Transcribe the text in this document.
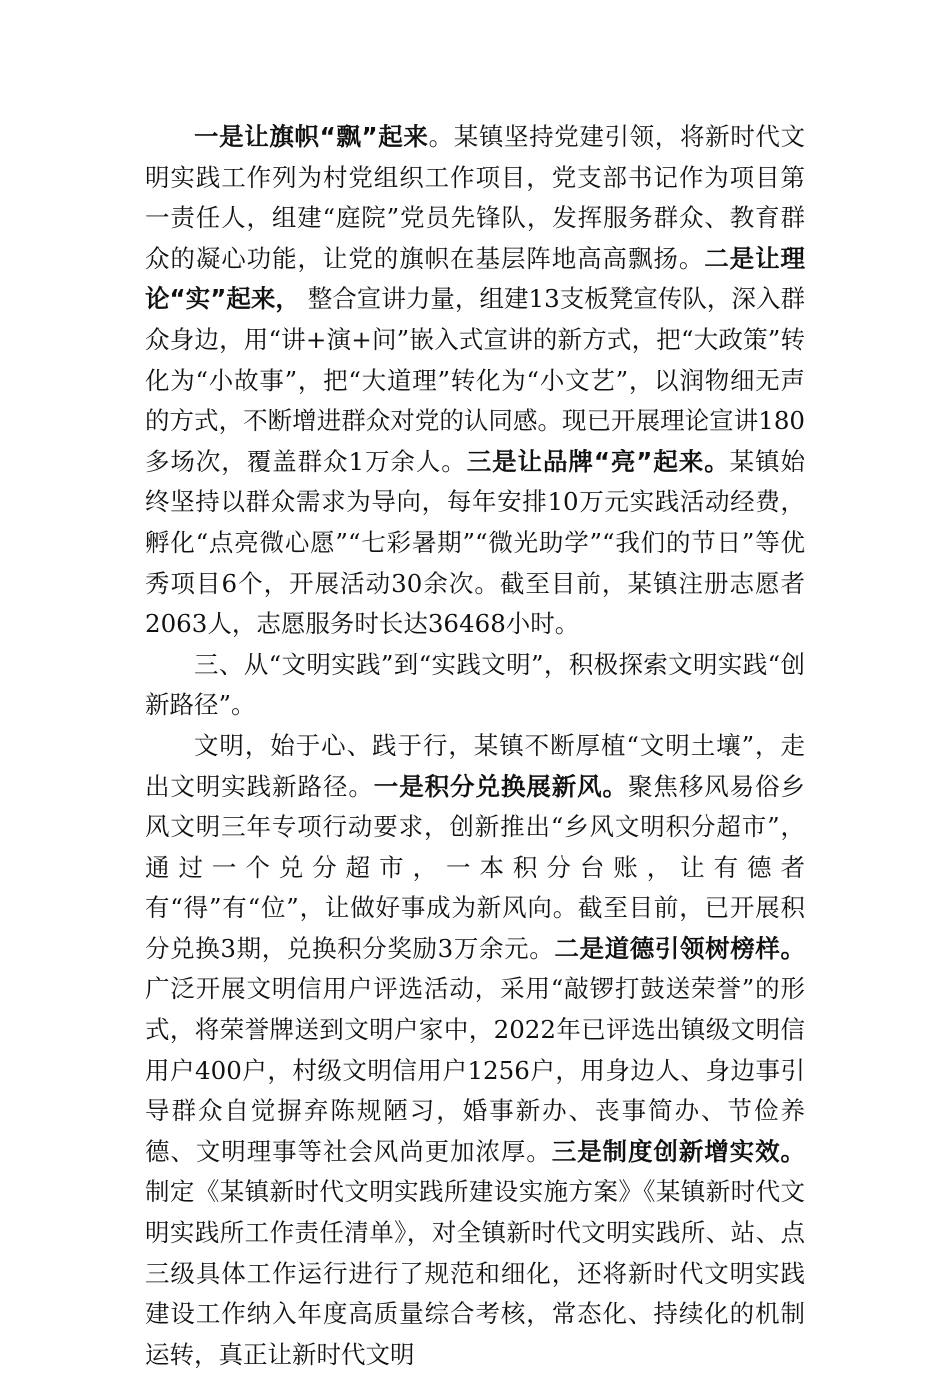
一是让旗帜“飘”起来。某镇坚持党建引领，将新时代文明实践工作列为村党组织工作项目，党支部书记作为项目第一责任人，组建“庭院”党员先锋队，发挥服务群众、教育群众的凝心功能，让党的旗帜在基层阵地高高飘扬。二是让理论“实”起来， 整合宣讲力量，组建13支板凳宣传队，深入群众身边，用“讲+演+问”嵌入式宣讲的新方式，把“大政策”转化为“小故事”，把“大道理”转化为“小文艺”，以润物细无声的方式，不断增进群众对党的认同感。现已开展理论宣讲180多场次，覆盖群众1万余人。三是让品牌“亮”起来。某镇始终坚持以群众需求为导向，每年安排10万元实践活动经费，孵化“点亮微心愿”“七彩暑期”“微光助学”“我们的节日”等优秀项目6个，开展活动30余次。截至目前，某镇注册志愿者2063人，志愿服务时长达36468小时。

三、从“文明实践”到“实践文明”，积极探索文明实践“创新路径”。

文明，始于心、践于行，某镇不断厚植“文明土壤”，走出文明实践新路径。一是积分兑换展新风。聚焦移风易俗乡风文明三年专项行动要求，创新推出“乡风文明积分超市”，通过一个兑分超市，一本积分台账，让有德者有“得”有“位”，让做好事成为新风向。截至目前，已开展积分兑换3期，兑换积分奖励3万余元。二是道德引领树榜样。广泛开展文明信用户评选活动，采用“敲锣打鼓送荣誉”的形式，将荣誉牌送到文明户家中，2022年已评选出镇级文明信用户400户，村级文明信用户1256户，用身边人、身边事引导群众自觉摒弃陈规陋习，婚事新办、丧事简办、节俭养德、文明理事等社会风尚更加浓厚。三是制度创新增实效。制定《某镇新时代文明实践所建设实施方案》《某镇新时代文明实践所工作责任清单》，对全镇新时代文明实践所、站、点三级具体工作运行进行了规范和细化，还将新时代文明实践建设工作纳入年度高质量综合考核，常态化、持续化的机制运转，真正让新时代文明
